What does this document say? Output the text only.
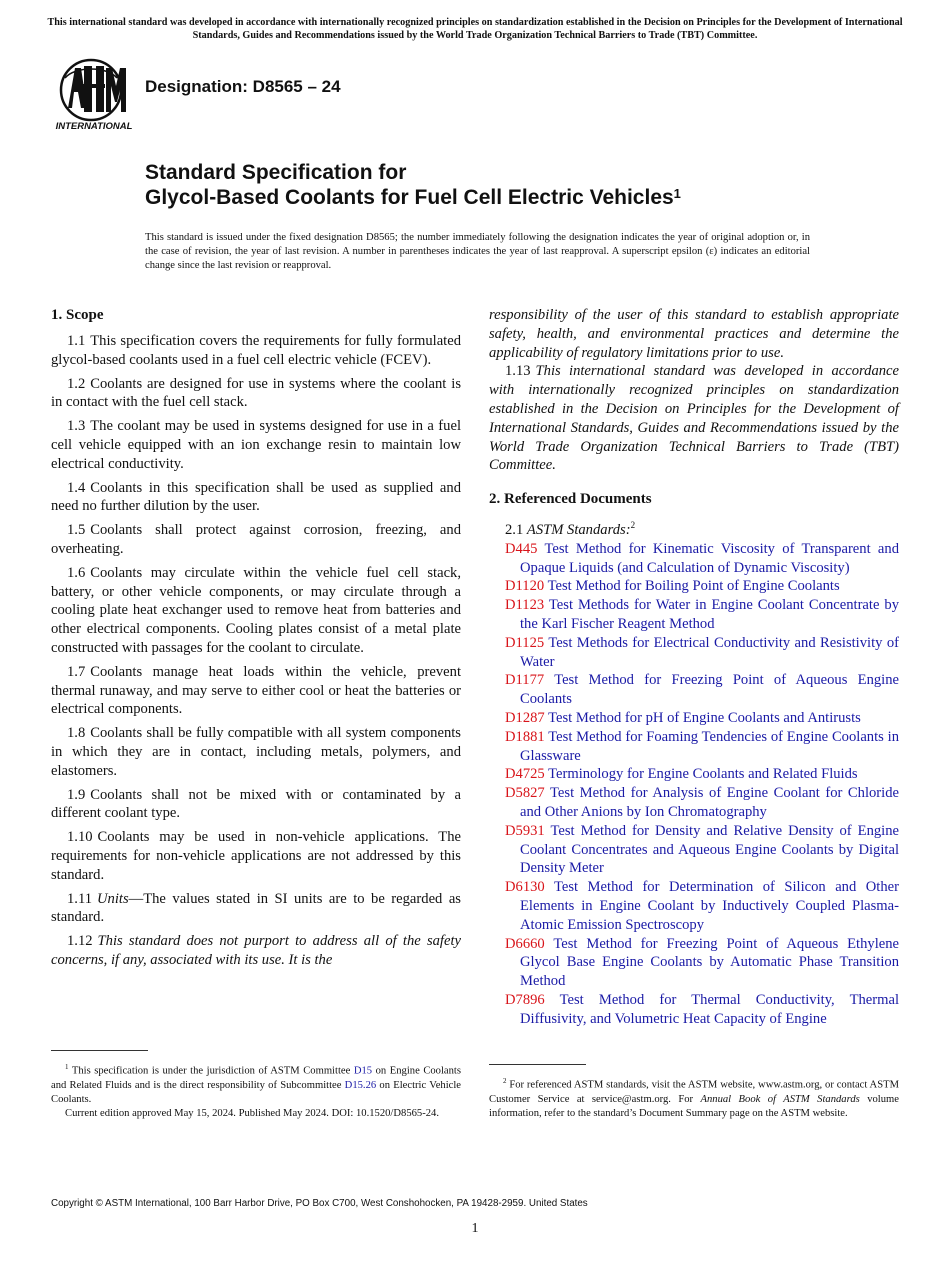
This international standard was developed in accordance with internationally recognized principles on standardization established in the Decision on Principles for the Development of International Standards, Guides and Recommendations issued by the World Trade Organization Technical Barriers to Trade (TBT) Committee.
INTERNATIONAL
Designation: D8565 – 24
Standard Specification for
Glycol-Based Coolants for Fuel Cell Electric Vehicles$^1$
This standard is issued under the fixed designation D8565; the number immediately following the designation indicates the year of original adoption or, in the case of revision, the year of last revision. A number in parentheses indicates the year of last reapproval. A superscript epsilon (ε) indicates an editorial change since the last revision or reapproval.
1. Scope

1.1 This specification covers the requirements for fully formulated glycol-based coolants used in a fuel cell electric vehicle (FCEV).

1.2 Coolants are designed for use in systems where the coolant is in contact with the fuel cell stack.

1.3 The coolant may be used in systems designed for use in a fuel cell vehicle equipped with an ion exchange resin to maintain low electrical conductivity.

1.4 Coolants in this specification shall be used as supplied and need no further dilution by the user.

1.5 Coolants shall protect against corrosion, freezing, and overheating.

1.6 Coolants may circulate within the vehicle fuel cell stack, battery, or other vehicle components, or may circulate through a cooling plate heat exchanger used to remove heat from batteries and other electrical components. Cooling plates consist of a metal plate constructed with passages for the coolant to circulate.

1.7 Coolants manage heat loads within the vehicle, prevent thermal runaway, and may serve to either cool or heat the batteries or electrical components.

1.8 Coolants shall be fully compatible with all system components in which they are in contact, including metals, polymers, and elastomers.

1.9 Coolants shall not be mixed with or contaminated by a different coolant type.

1.10 Coolants may be used in non-vehicle applications. The requirements for non-vehicle applications are not addressed by this standard.

1.11 Units—The values stated in SI units are to be regarded as standard.

1.12 This standard does not purport to address all of the safety concerns, if any, associated with its use. It is the

responsibility of the user of this standard to establish appropriate safety, health, and environmental practices and determine the applicability of regulatory limitations prior to use.

1.13 This international standard was developed in accordance with internationally recognized principles on standardization established in the Decision on Principles for the Development of International Standards, Guides and Recommendations issued by the World Trade Organization Technical Barriers to Trade (TBT) Committee.

2. Referenced Documents

2.1 ASTM Standards:$^2$

D445 Test Method for Kinematic Viscosity of Transparent and Opaque Liquids (and Calculation of Dynamic Viscosity)
D1120 Test Method for Boiling Point of Engine Coolants
D1123 Test Methods for Water in Engine Coolant Concentrate by the Karl Fischer Reagent Method
D1125 Test Methods for Electrical Conductivity and Resistivity of Water
D1177 Test Method for Freezing Point of Aqueous Engine Coolants
D1287 Test Method for pH of Engine Coolants and Antirusts
D1881 Test Method for Foaming Tendencies of Engine Coolants in Glassware
D4725 Terminology for Engine Coolants and Related Fluids
D5827 Test Method for Analysis of Engine Coolant for Chloride and Other Anions by Ion Chromatography
D5931 Test Method for Density and Relative Density of Engine Coolant Concentrates and Aqueous Engine Coolants by Digital Density Meter
D6130 Test Method for Determination of Silicon and Other Elements in Engine Coolant by Inductively Coupled Plasma-Atomic Emission Spectroscopy
D6660 Test Method for Freezing Point of Aqueous Ethylene Glycol Base Engine Coolants by Automatic Phase Transition Method
D7896 Test Method for Thermal Conductivity, Thermal Diffusivity, and Volumetric Heat Capacity of Engine
$^1$ This specification is under the jurisdiction of ASTM Committee D15 on Engine Coolants and Related Fluids and is the direct responsibility of Subcommittee D15.26 on Electric Vehicle Coolants.
Current edition approved May 15, 2024. Published May 2024. DOI: 10.1520/D8565-24.
$^2$ For referenced ASTM standards, visit the ASTM website, www.astm.org, or contact ASTM Customer Service at service@astm.org. For Annual Book of ASTM Standards volume information, refer to the standard’s Document Summary page on the ASTM website.
Copyright © ASTM International, 100 Barr Harbor Drive, PO Box C700, West Conshohocken, PA 19428-2959. United States
1
